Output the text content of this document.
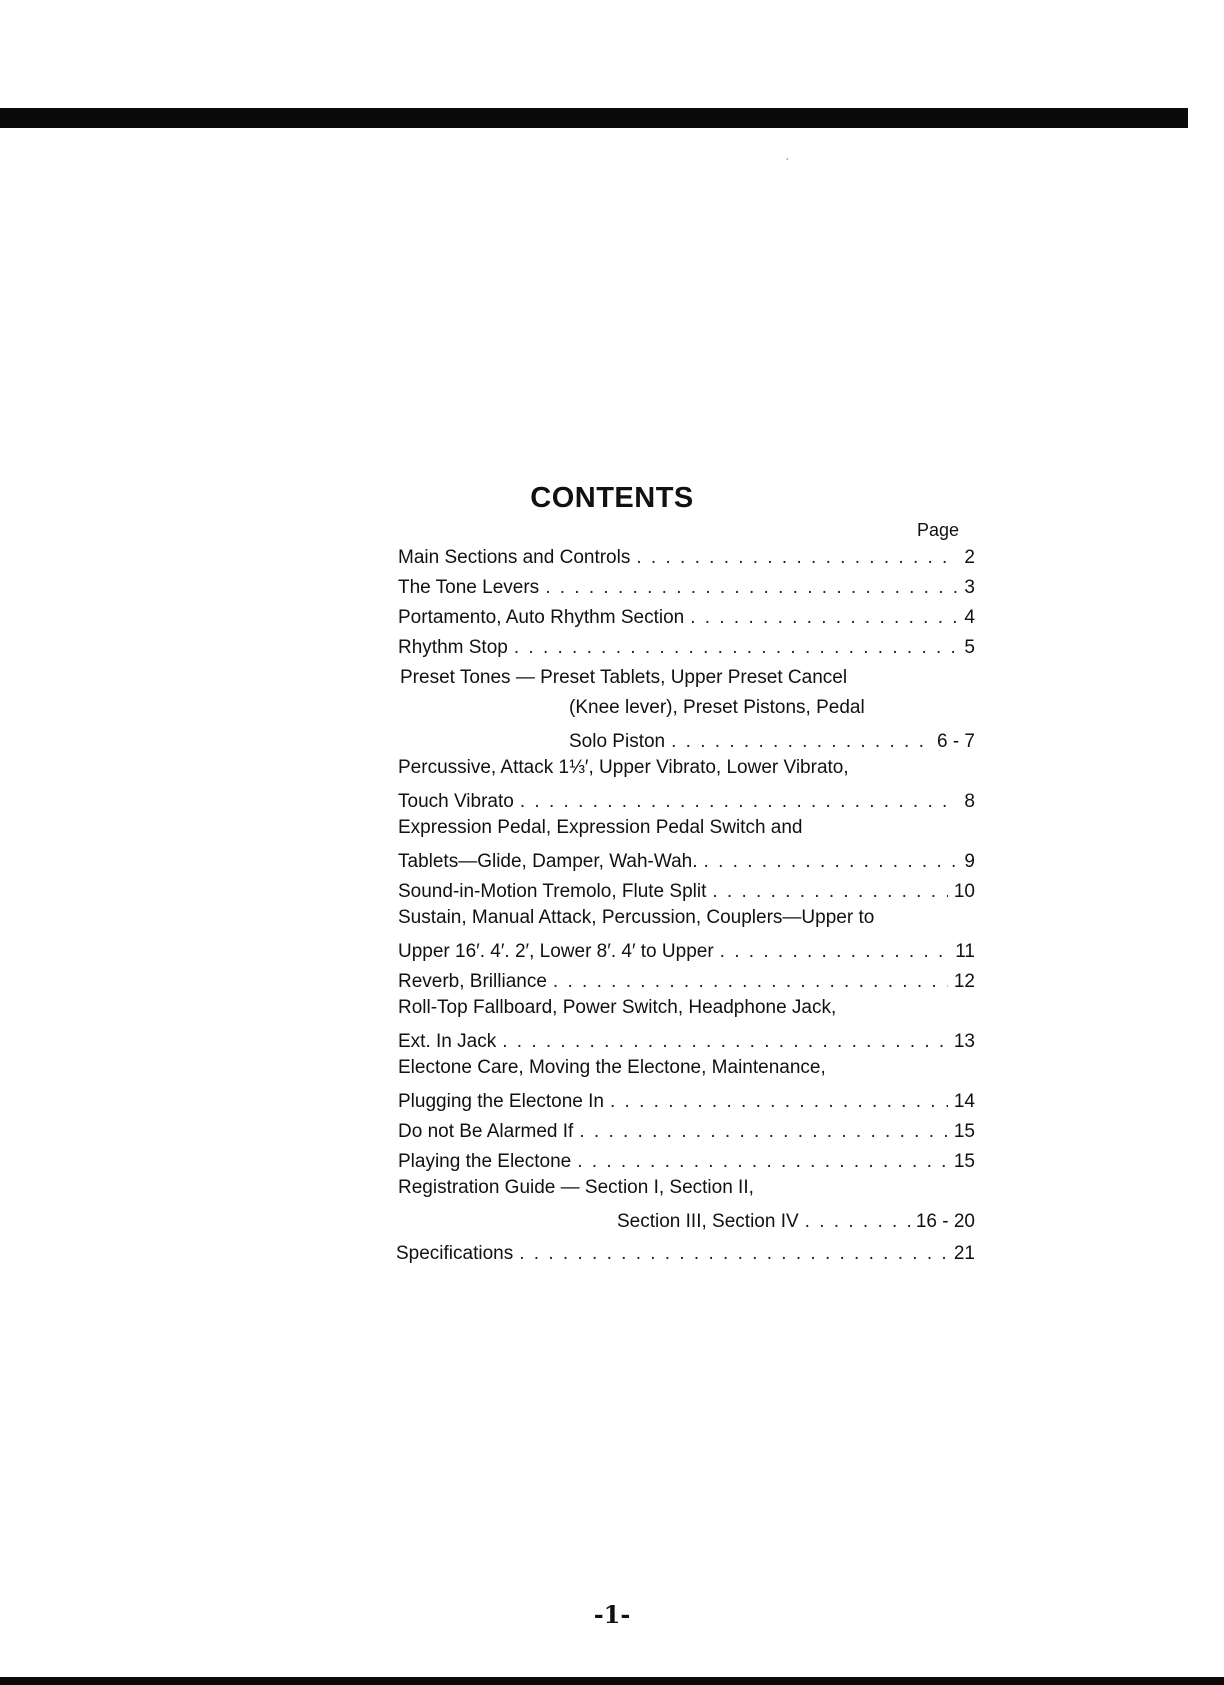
´
CONTENTS
Page
Main Sections and Controls . . .	2
The Tone Levers . . .	3
Portamento, Auto Rhythm Section . . .	4
Rhythm Stop . . .	5
Preset Tones — Preset Tablets, Upper Preset Cancel
(Knee lever), Preset Pistons, Pedal
Solo Piston . . .	6 - 7
Percussive, Attack 1⅓′, Upper Vibrato, Lower Vibrato,
Touch Vibrato . . .	8
Expression Pedal, Expression Pedal Switch and
Tablets—Glide, Damper, Wah-Wah. . . .	9
Sound-in-Motion Tremolo, Flute Split . . .	10
Sustain, Manual Attack, Percussion, Couplers—Upper to
Upper 16′. 4′. 2′, Lower 8′. 4′ to Upper . . .	11
Reverb, Brilliance . . .	12
Roll-Top Fallboard, Power Switch, Headphone Jack,
Ext. In Jack . . .	13
Electone Care, Moving the Electone, Maintenance,
Plugging the Electone In . . .	14
Do not Be Alarmed If . . .	15
Playing the Electone . . .	15
Registration Guide — Section I, Section II,
Section III, Section IV . . .	16 - 20
Specifications . . .	21
-1-
